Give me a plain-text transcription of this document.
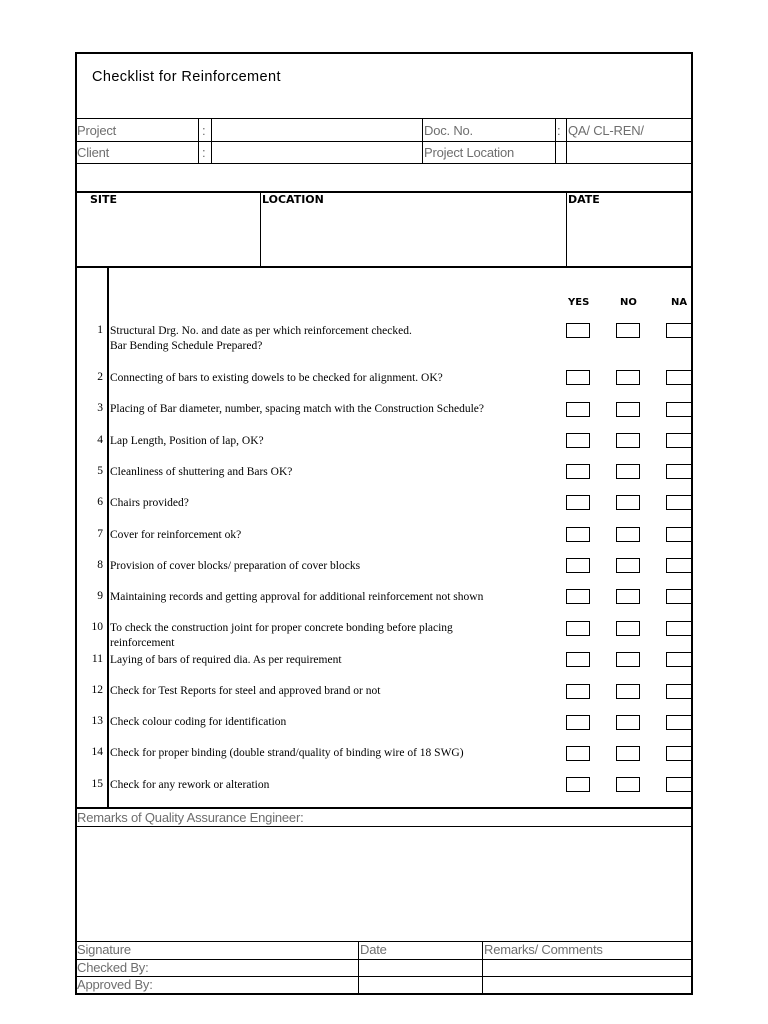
Checklist for Reinforcement
Project	:	Doc. No.	: QA/ CL-REN/
Client	:	Project Location
SITE	LOCATION	DATE
YES	NO	NA
1 Structural Drg. No. and date as per which reinforcement checked.
Bar Bending Schedule Prepared?
2 Connecting of bars to existing dowels to be checked for alignment. OK?
3 Placing of Bar diameter, number, spacing match with the Construction Schedule?
4 Lap Length, Position of lap, OK?
5 Cleanliness of shuttering and Bars OK?
6 Chairs provided?
7 Cover for reinforcement ok?
8 Provision of cover blocks/ preparation of cover blocks
9 Maintaining records and getting approval for additional reinforcement not shown
10 To check the construction joint for proper concrete bonding before placing
reinforcement
11 Laying of bars of required dia. As per requirement
12 Check for Test Reports for steel and approved brand or not
13 Check colour coding for identification
14 Check for proper binding (double strand/quality of binding wire of 18 SWG)
15 Check for any rework or alteration
Remarks of Quality Assurance Engineer:
Signature	Date	Remarks/ Comments
Checked By:
Approved By:
